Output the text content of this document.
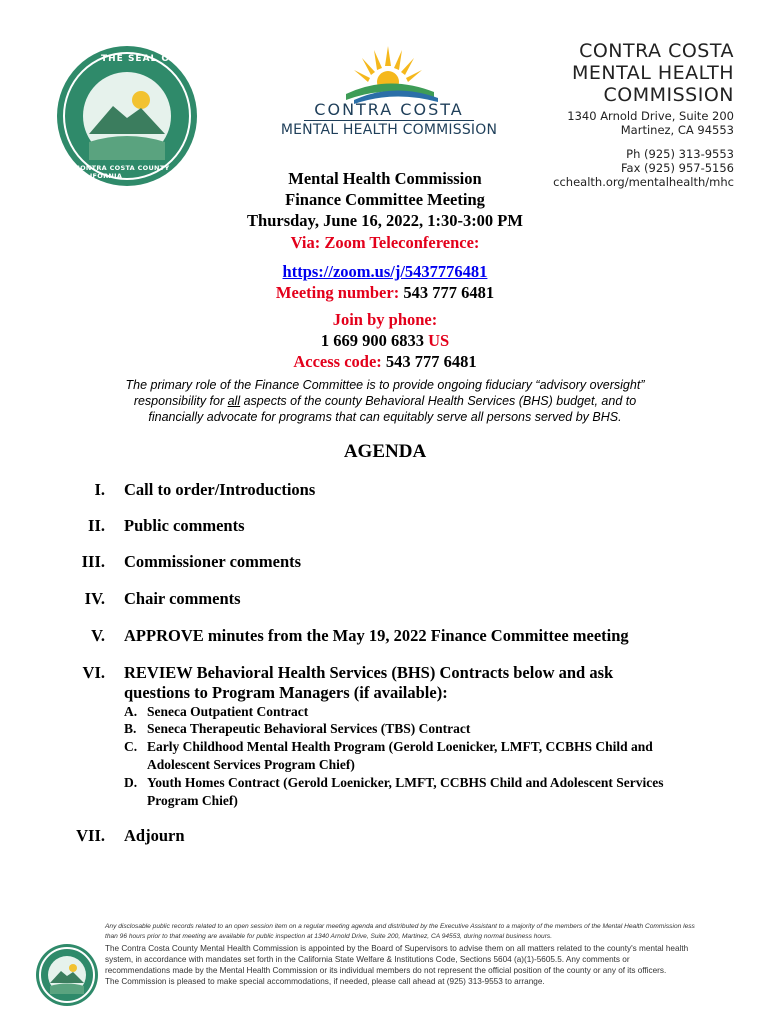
THE SEAL OF
CONTRA COSTA COUNTY CALIFORNIA
CONTRA COSTA
MENTAL HEALTH COMMISSION
CONTRA COSTA
MENTAL HEALTH
COMMISSION
1340 Arnold Drive, Suite 200
Martinez, CA 94553
Ph (925) 313-9553
Fax (925) 957-5156
cchealth.org/mentalhealth/mhc
Mental Health Commission
Finance Committee Meeting
Thursday, June 16, 2022, 1:30-3:00 PM
Via: Zoom Teleconference:
https://zoom.us/j/5437776481
Meeting number: 543 777 6481
Join by phone:
1 669 900 6833 US
Access code: 543 777 6481
The primary role of the Finance Committee is to provide ongoing fiduciary “advisory oversight” responsibility for all aspects of the county Behavioral Health Services (BHS) budget, and to financially advocate for programs that can equitably serve all persons served by BHS.
AGENDA
I. Call to order/Introductions
II. Public comments
III. Commissioner comments
IV. Chair comments
V. APPROVE minutes from the May 19, 2022 Finance Committee meeting
VI. REVIEW Behavioral Health Services (BHS) Contracts below and ask questions to Program Managers (if available):
A. Seneca Outpatient Contract
B. Seneca Therapeutic Behavioral Services (TBS) Contract
C. Early Childhood Mental Health Program (Gerold Loenicker, LMFT, CCBHS Child and Adolescent Services Program Chief)
D. Youth Homes Contract (Gerold Loenicker, LMFT, CCBHS Child and Adolescent Services Program Chief)
VII. Adjourn
Any disclosable public records related to an open session item on a regular meeting agenda and distributed by the Executive Assistant to a majority of the members of the Mental Health Commission less than 96 hours prior to that meeting are available for public inspection at 1340 Arnold Drive, Suite 200, Martinez, CA 94553, during normal business hours.
The Contra Costa County Mental Health Commission is appointed by the Board of Supervisors to advise them on all matters related to the county's mental health system, in accordance with mandates set forth in the California State Welfare & Institutions Code, Sections 5604 (a)(1)-5605.5. Any comments or recommendations made by the Mental Health Commission or its individual members do not represent the official position of the county or any of its officers.
The Commission is pleased to make special accommodations, if needed, please call ahead at (925) 313-9553 to arrange.
